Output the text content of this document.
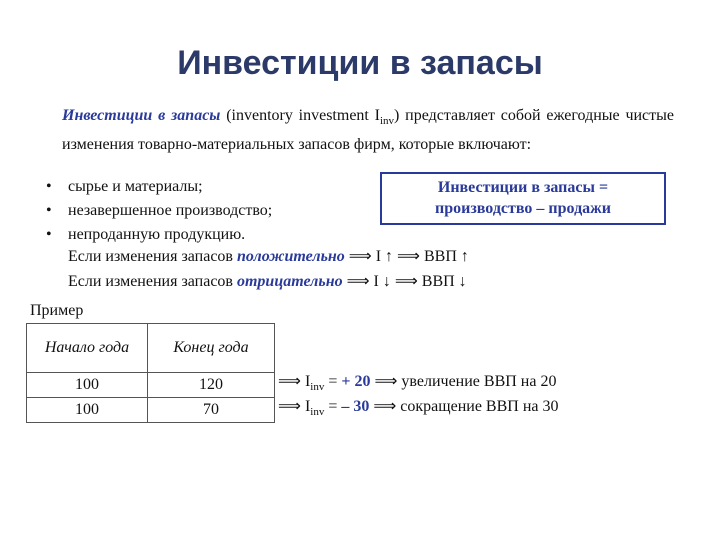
Инвестиции в запасы
Инвестиции в запасы (inventory investment $I_{inv}$) представляет собой ежегодные чистые изменения товарно-материальных запасов фирм, которые включают:
• сырье и материалы;
• незавершенное производство;
• непроданную продукцию.
Инвестиции в запасы =
производство – продажи
Если изменения запасов положительно ⟹ I ↑ ⟹ ВВП ↑
Если изменения запасов отрицательно ⟹ I ↓ ⟹ ВВП ↓
Пример
Начало года	Конец года
100	120
100	70
⟹ $I_{inv}$ = + 20 ⟹ увеличение ВВП на 20
⟹ $I_{inv}$ = – 30 ⟹ сокращение ВВП на 30
